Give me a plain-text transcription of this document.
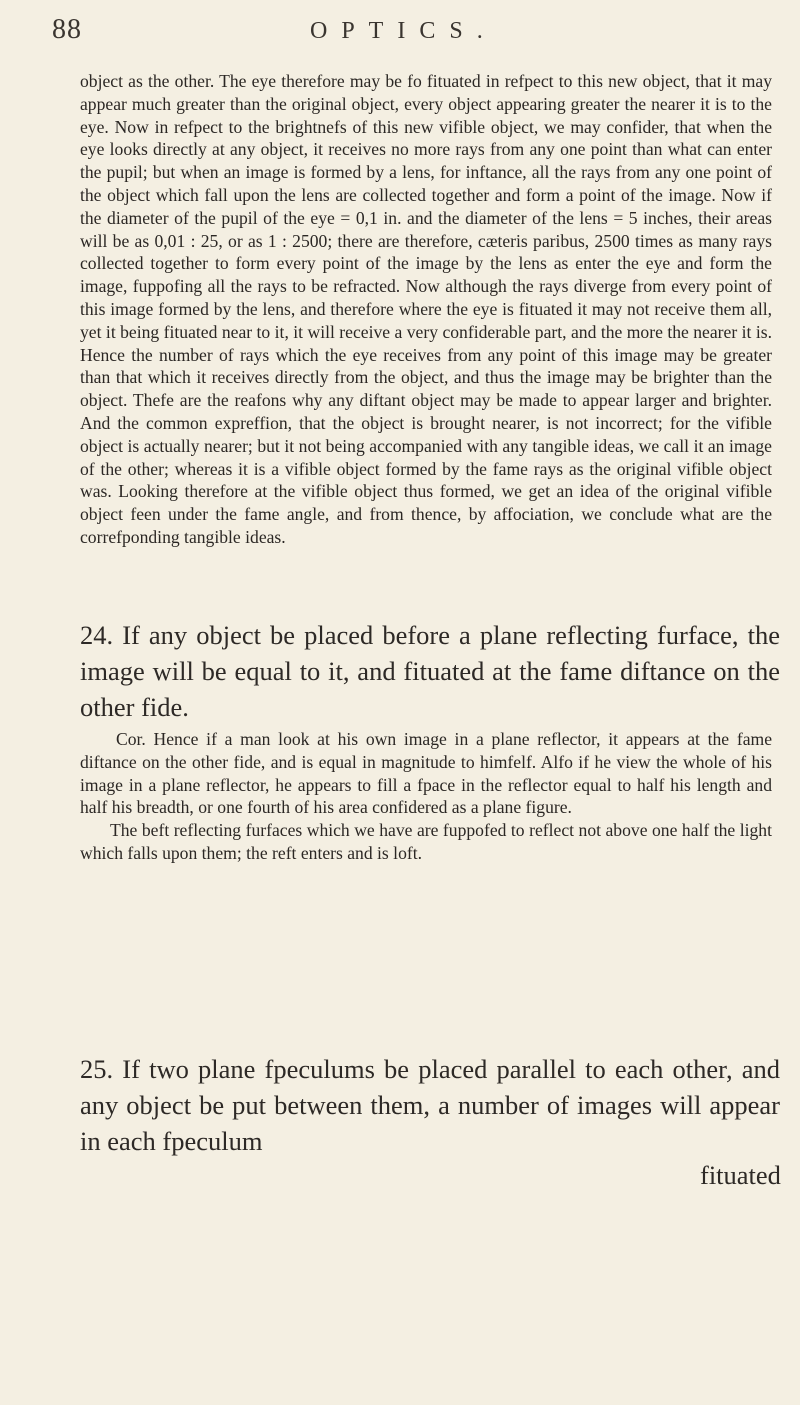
88	OPTICS.

object as the other. The eye therefore may be fo fituated in refpect to this new object, that it may appear much greater than the original object, every object appearing greater the nearer it is to the eye. Now in refpect to the brightnefs of this new vifible object, we may confider, that when the eye looks directly at any object, it receives no more rays from any one point than what can enter the pupil; but when an image is formed by a lens, for inftance, all the rays from any one point of the object which fall upon the lens are collected together and form a point of the image. Now if the diameter of the pupil of the eye = 0,1 in. and the diameter of the lens = 5 inches, their areas will be as 0,01 : 25, or as 1 : 2500; there are therefore, cæteris paribus, 2500 times as many rays collected together to form every point of the image by the lens as enter the eye and form the image, fuppofing all the rays to be refracted. Now although the rays diverge from every point of this image formed by the lens, and therefore where the eye is fituated it may not receive them all, yet it being fituated near to it, it will receive a very confiderable part, and the more the nearer it is. Hence the number of rays which the eye receives from any point of this image may be greater than that which it receives directly from the object, and thus the image may be brighter than the object. Thefe are the reafons why any diftant object may be made to appear larger and brighter. And the common expreffion, that the object is brought nearer, is not incorrect; for the vifible object is actually nearer; but it not being accompanied with any tangible ideas, we call it an image of the other; whereas it is a vifible object formed by the fame rays as the original vifible object was. Looking therefore at the vifible object thus formed, we get an idea of the original vifible object feen under the fame angle, and from thence, by affociation, we conclude what are the correfponding tangible ideas.

24. If any object be placed before a plane reflecting furface, the image will be equal to it, and fituated at the fame diftance on the other fide.

Cor. Hence if a man look at his own image in a plane reflector, it appears at the fame diftance on the other fide, and is equal in magnitude to himfelf. Alfo if he view the whole of his image in a plane reflector, he appears to fill a fpace in the reflector equal to half his length and half his breadth, or one fourth of his area confidered as a plane figure.

The beft reflecting furfaces which we have are fuppofed to reflect not above one half the light which falls upon them; the reft enters and is loft.

25. If two plane fpeculums be placed parallel to each other, and any object be put between them, a number of images will appear in each fpeculum
fituated
